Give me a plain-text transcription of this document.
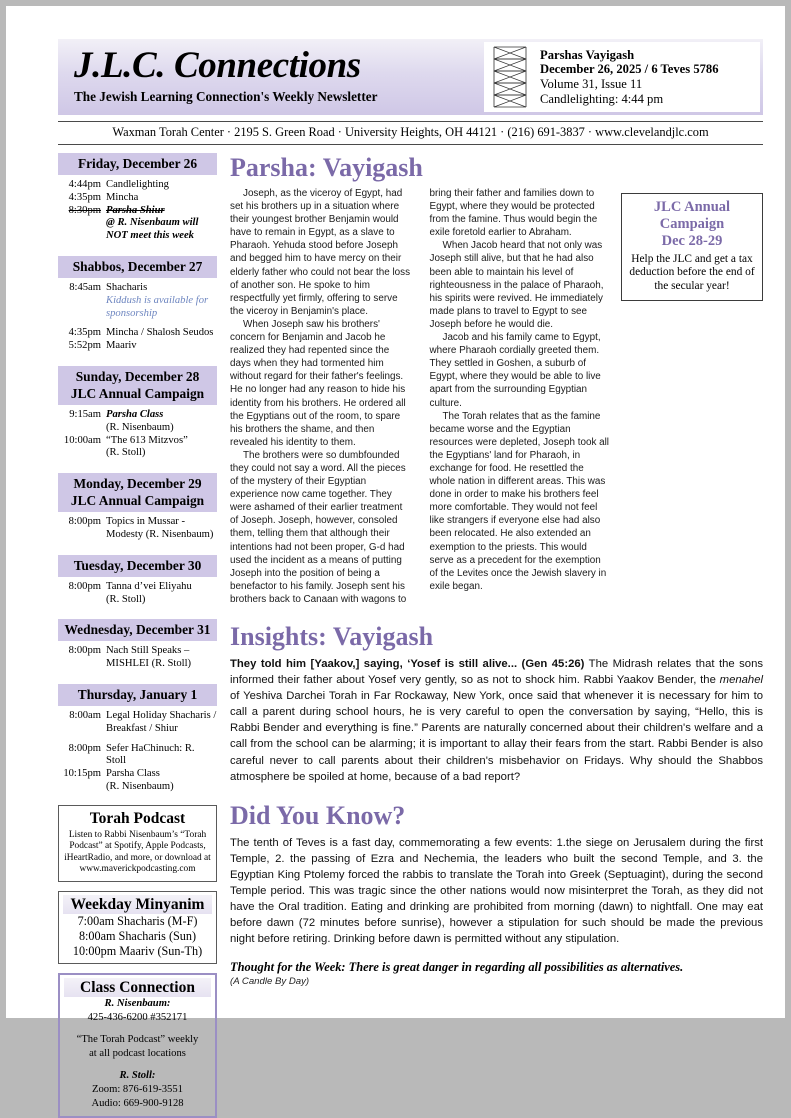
J.L.C. Connections
The Jewish Learning Connection's Weekly Newsletter
Parshas Vayigash
December 26, 2025 / 6 Teves 5786
Volume 31, Issue 11
Candlelighting: 4:44 pm
Waxman Torah Center · 2195 S. Green Road · University Heights, OH 44121 · (216) 691-3837 · www.clevelandjlc.com
Friday, December 26
4:44pm Candlelighting
4:35pm Mincha
8:30pm Parsha Shiur
@ R. Nisenbaum will
NOT meet this week
Shabbos, December 27
8:45am Shacharis
Kiddush is available for
sponsorship
4:35pm Mincha / Shalosh Seudos
5:52pm Maariv
Sunday, December 28
JLC Annual Campaign
9:15am Parsha Class
(R. Nisenbaum)
10:00am “The 613 Mitzvos”
(R. Stoll)
Monday, December 29
JLC Annual Campaign
8:00pm Topics in Mussar -
Modesty (R. Nisenbaum)
Tuesday, December 30
8:00pm Tanna d’vei Eliyahu
(R. Stoll)
Wednesday, December 31
8:00pm Nach Still Speaks –
MISHLEI (R. Stoll)
Thursday, January 1
8:00am Legal Holiday Shacharis /
Breakfast / Shiur
8:00pm Sefer HaChinuch: R. Stoll
10:15pm Parsha Class
(R. Nisenbaum)
Torah Podcast
Listen to Rabbi Nisenbaum’s “Torah Podcast” at Spotify, Apple Podcasts, iHeartRadio, and more, or download at www.maverickpodcasting.com
Weekday Minyanim
7:00am Shacharis (M-F)
8:00am Shacharis (Sun)
10:00pm Maariv (Sun-Th)
Class Connection
R. Nisenbaum:
425-436-6200 #352171
“The Torah Podcast” weekly
at all podcast locations
R. Stoll:
Zoom: 876-619-3551
Audio: 669-900-9128
Parsha: Vayigash
JLC Annual
Campaign
Dec 28-29
Help the JLC and get a tax deduction before the end of the secular year!

Joseph, as the viceroy of Egypt, had set his brothers up in a situation where their youngest brother Benjamin would have to remain in Egypt, as a slave to Pharaoh. Yehuda stood before Joseph and begged him to have mercy on their elderly father who could not bear the loss of another son. He spoke to him respectfully yet firmly, offering to serve the viceroy in Benjamin's place.

When Joseph saw his brothers' concern for Benjamin and Jacob he realized they had repented since the days when they had tormented him without regard for their father's feelings. He no longer had any reason to hide his identity from his brothers. He ordered all the Egyptians out of the room, to spare his brothers the shame, and then revealed his identity to them.

The brothers were so dumbfounded they could not say a word. All the pieces of the mystery of their Egyptian experience now came together. They were ashamed of their earlier treatment of Joseph. Joseph, however, consoled them, telling them that although their intentions had not been proper, G-d had used the incident as a means of putting Joseph into the position of being a benefactor to his family. Joseph sent his brothers back to Canaan with wagons to bring their father and families down to Egypt, where they would be protected from the famine. Thus would begin the exile foretold earlier to Abraham.

When Jacob heard that not only was Joseph still alive, but that he had also been able to maintain his level of righteousness in the palace of Pharaoh, his spirits were revived. He immediately made plans to travel to Egypt to see Joseph before he would die.

Jacob and his family came to Egypt, where Pharaoh cordially greeted them. They settled in Goshen, a suburb of Egypt, where they would be able to live apart from the surrounding Egyptian culture.

The Torah relates that as the famine became worse and the Egyptian resources were depleted, Joseph took all the Egyptians' land for Pharaoh, in exchange for food. He resettled the whole nation in different areas. This was done in order to make his brothers feel more comfortable. They would not feel like strangers if everyone else had also been relocated. He also extended an exemption to the priests. This would serve as a precedent for the exemption of the Levites once the Jewish slavery in exile began.

Insights: Vayigash

They told him [Yaakov,] saying, ‘Yosef is still alive... (Gen 45:26) The Midrash relates that the sons informed their father about Yosef very gently, so as not to shock him. Rabbi Yaakov Bender, the menahel of Yeshiva Darchei Torah in Far Rockaway, New York, once said that whenever it is necessary for him to call a parent during school hours, he is very careful to open the conversation by saying, “Hello, this is Rabbi Bender and everything is fine.” Parents are naturally concerned about their children's welfare and a call from the school can be alarming; it is important to allay their fears from the start. Rabbi Bender is also careful never to call parents about their children's misbehavior on Fridays. Why should the Shabbos atmosphere be spoiled at home, because of a bad report?

Did You Know?

The tenth of Teves is a fast day, commemorating a few events: 1.the siege on Jerusalem during the first Temple, 2. the passing of Ezra and Nechemia, the leaders who built the second Temple, and 3. the Egyptian King Ptolemy forced the rabbis to translate the Torah into Greek (Septuagint), during the second Temple period. This was tragic since the other nations would now misinterpret the Torah, as they did not have the Oral tradition. Eating and drinking are prohibited from morning (dawn) to nightfall. One may eat before dawn (72 minutes before sunrise), however a stipulation for such should be made the previous night before retiring. Drinking before dawn is permitted without any stipulation.

Thought for the Week: There is great danger in regarding all possibilities as alternatives.
(A Candle By Day)
